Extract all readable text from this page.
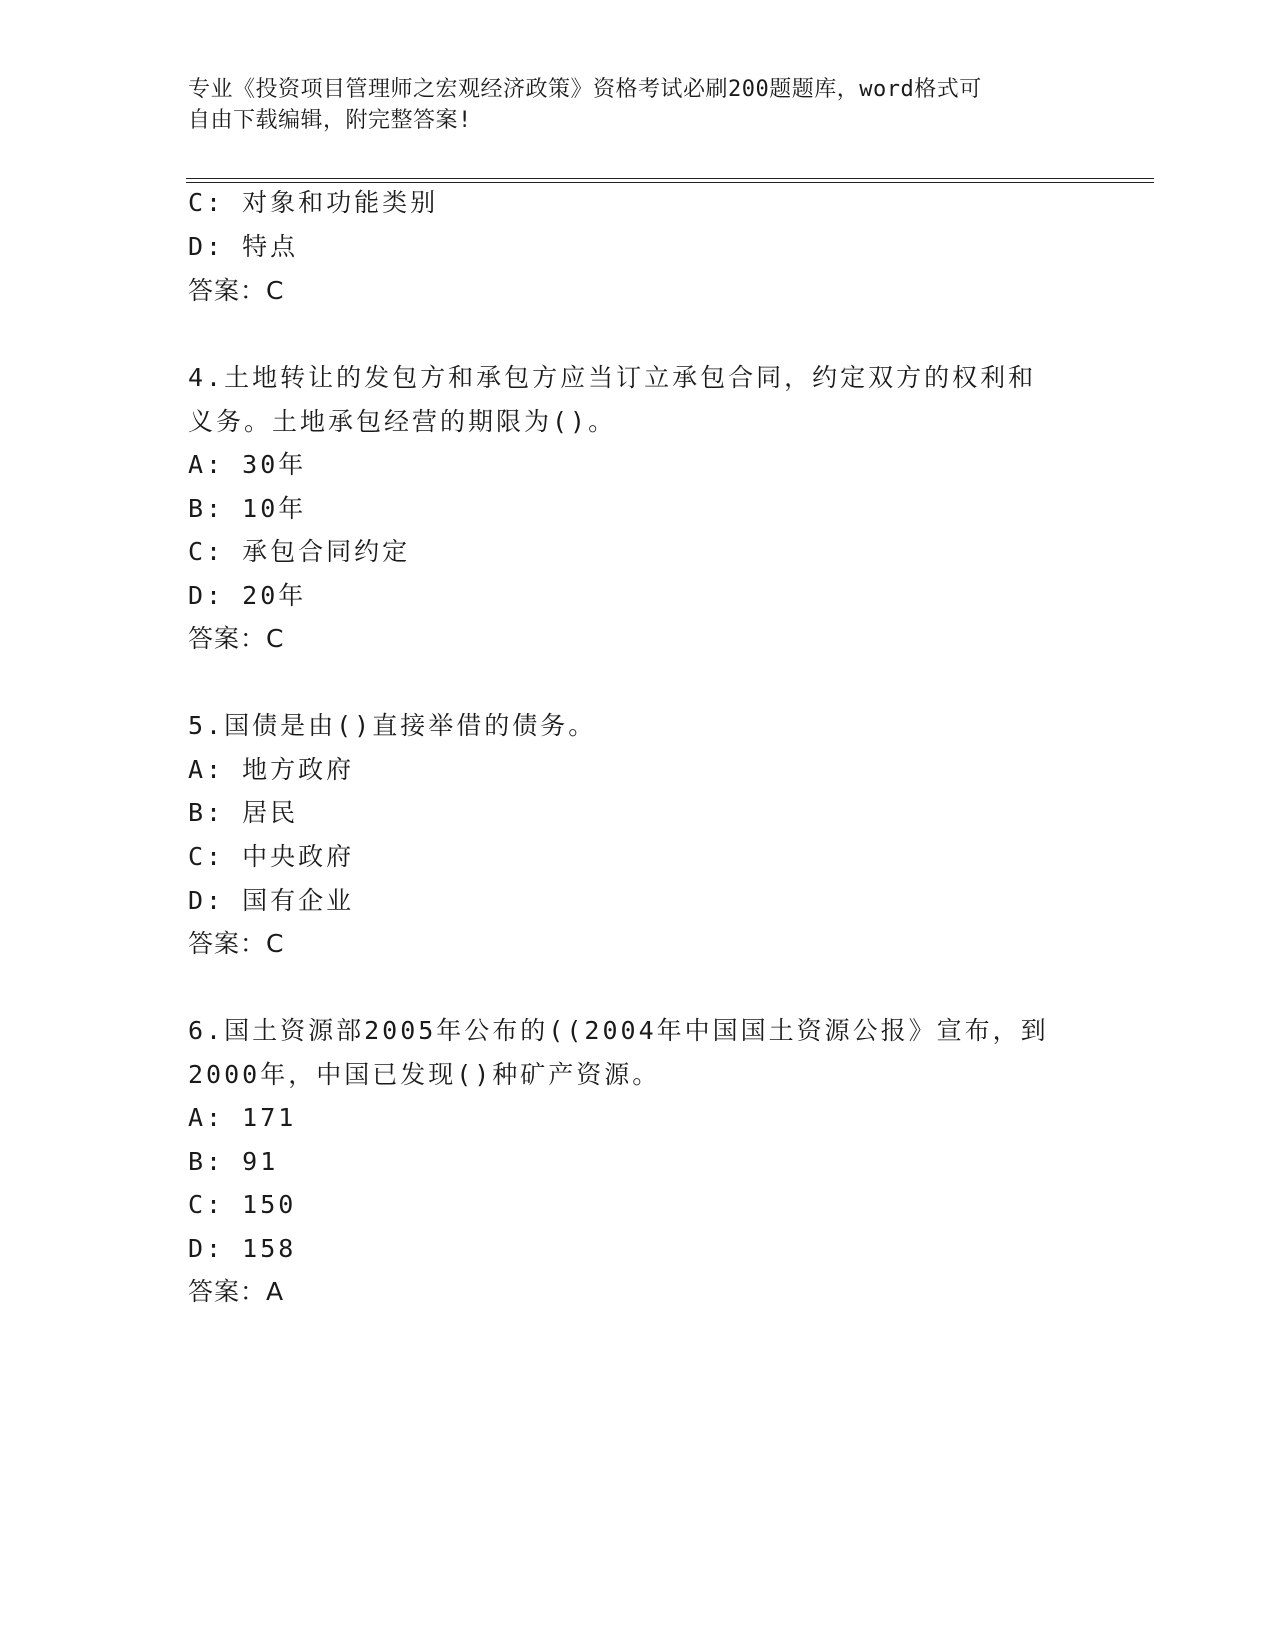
专业《投资项目管理师之宏观经济政策》资格考试必刷200题题库，word格式可
自由下载编辑，附完整答案!
C: 对象和功能类别
D: 特点
答案：C
4.土地转让的发包方和承包方应当订立承包合同，约定双方的权利和
义务。土地承包经营的期限为()。
A: 30年
B: 10年
C: 承包合同约定
D: 20年
答案：C
5.国债是由()直接举借的债务。
A: 地方政府
B: 居民
C: 中央政府
D: 国有企业
答案：C
6.国土资源部2005年公布的((2004年中国国土资源公报》宣布，到
2000年，中国已发现()种矿产资源。
A: 171
B: 91
C: 150
D: 158
答案：A
